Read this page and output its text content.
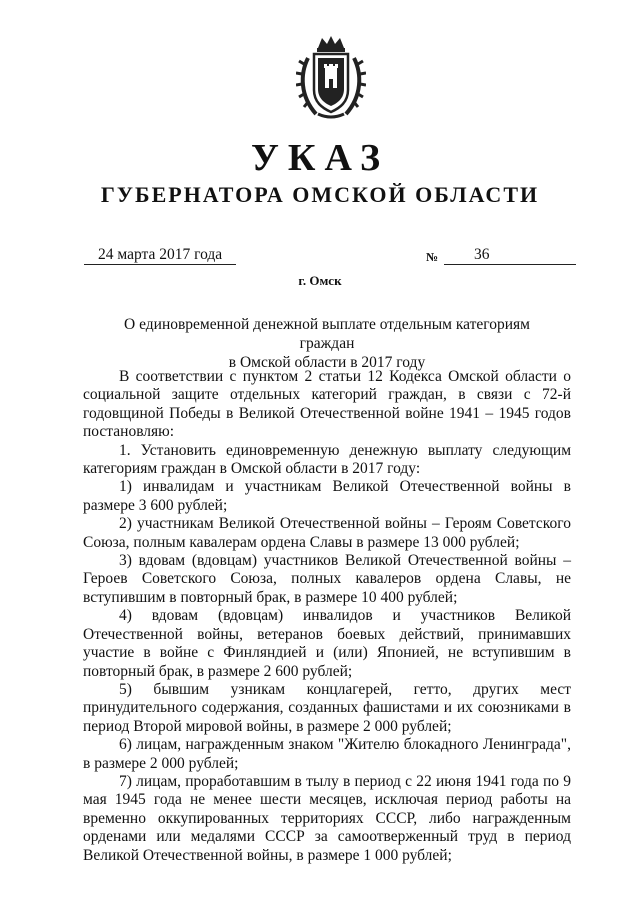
УКАЗ
ГУБЕРНАТОРА ОМСКОЙ ОБЛАСТИ
24 марта 2017 года	№	36
г. Омск
О единовременной денежной выплате отдельным категориям граждан
в Омской области в 2017 году

В соответствии с пунктом 2 статьи 12 Кодекса Омской области о социальной защите отдельных категорий граждан, в связи с 72-й годовщиной Победы в Великой Отечественной войне 1941 – 1945 годов постановляю:

1. Установить единовременную денежную выплату следующим категориям граждан в Омской области в 2017 году:

1) инвалидам и участникам Великой Отечественной войны в размере 3 600 рублей;

2) участникам Великой Отечественной войны – Героям Советского Союза, полным кавалерам ордена Славы в размере 13 000 рублей;

3) вдовам (вдовцам) участников Великой Отечественной войны – Героев Советского Союза, полных кавалеров ордена Славы, не вступившим в повторный брак, в размере 10 400 рублей;

4) вдовам (вдовцам) инвалидов и участников Великой Отечественной войны, ветеранов боевых действий, принимавших участие в войне с Финляндией и (или) Японией, не вступившим в повторный брак, в размере 2 600 рублей;

5) бывшим узникам концлагерей, гетто, других мест принудительного содержания, созданных фашистами и их союзниками в период Второй мировой войны, в размере 2 000 рублей;

6) лицам, награжденным знаком "Жителю блокадного Ленинграда", в размере 2 000 рублей;

7) лицам, проработавшим в тылу в период с 22 июня 1941 года по 9 мая 1945 года не менее шести месяцев, исключая период работы на временно оккупированных территориях СССР, либо награжденным орденами или медалями СССР за самоотверженный труд в период Великой Отечественной войны, в размере 1 000 рублей;
